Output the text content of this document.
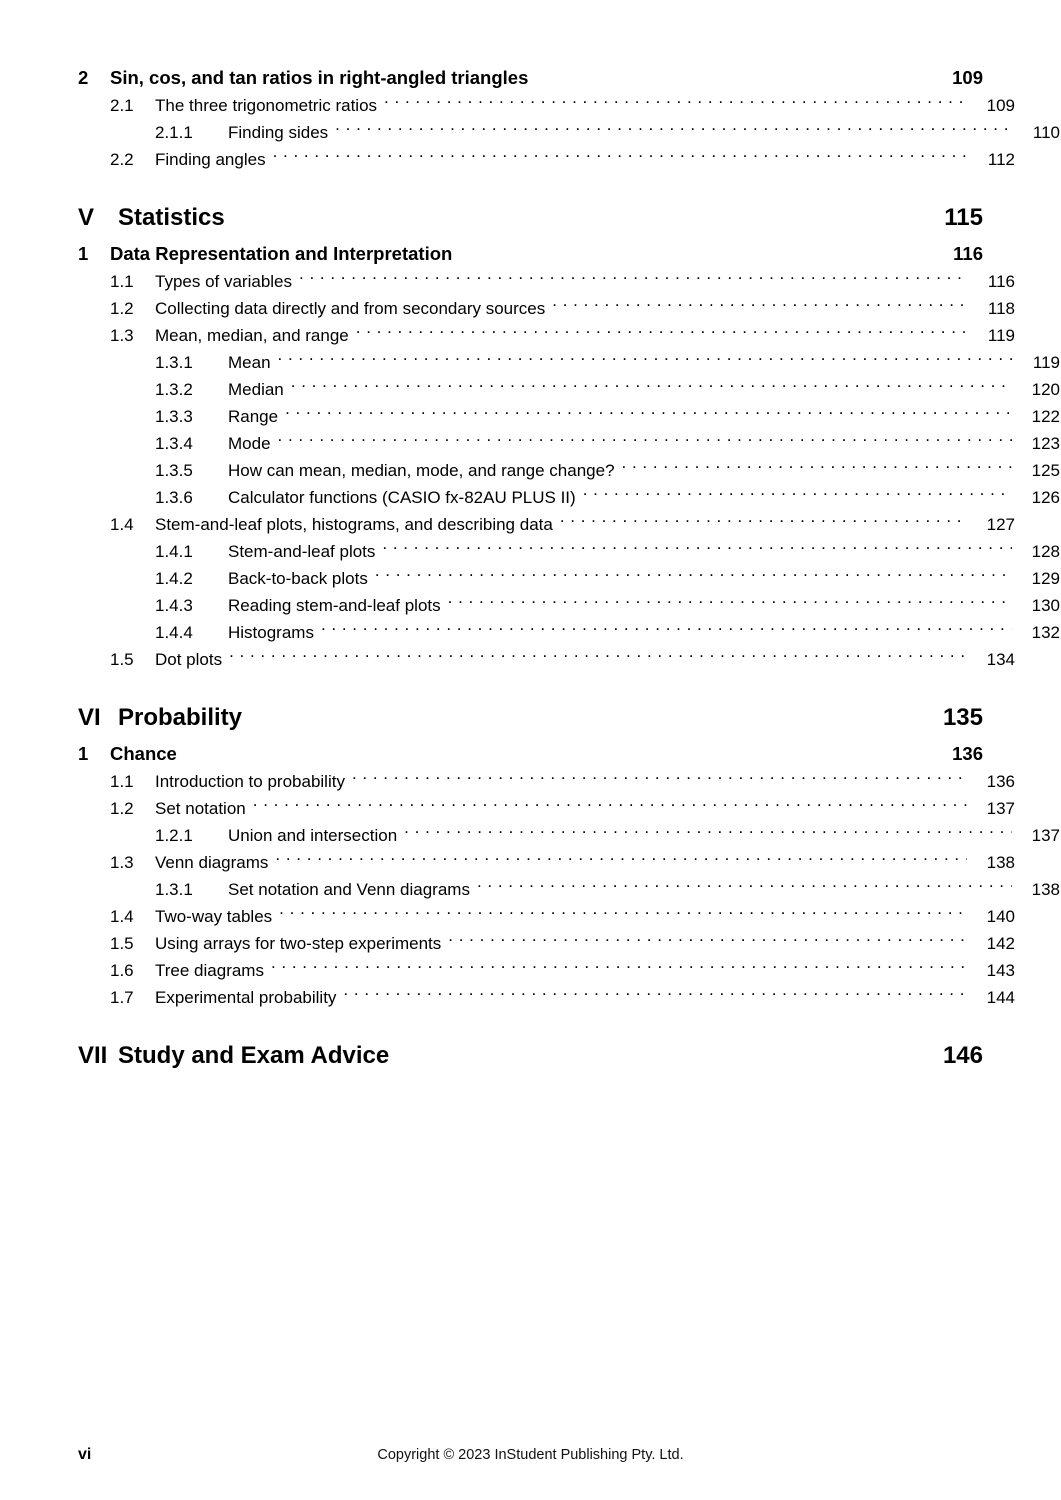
2	Sin, cos, and tan ratios in right-angled triangles	109
2.1	The three trigonometric ratios . . .	109
2.1.1	Finding sides . . .	110
2.2	Finding angles . . .	112
V Statistics	115
1	Data Representation and Interpretation	116
1.1	Types of variables . . .	116
1.2	Collecting data directly and from secondary sources . . .	118
1.3	Mean, median, and range . . .	119
1.3.1	Mean . . .	119
1.3.2	Median . . .	120
1.3.3	Range . . .	122
1.3.4	Mode . . .	123
1.3.5	How can mean, median, mode, and range change? . . .	125
1.3.6	Calculator functions (CASIO fx-82AU PLUS II) . . .	126
1.4	Stem-and-leaf plots, histograms, and describing data . . .	127
1.4.1	Stem-and-leaf plots . . .	128
1.4.2	Back-to-back plots . . .	129
1.4.3	Reading stem-and-leaf plots . . .	130
1.4.4	Histograms . . .	132
1.5	Dot plots . . .	134
VI Probability	135
1	Chance	136
1.1	Introduction to probability . . .	136
1.2	Set notation . . .	137
1.2.1	Union and intersection . . .	137
1.3	Venn diagrams . . .	138
1.3.1	Set notation and Venn diagrams . . .	138
1.4	Two-way tables . . .	140
1.5	Using arrays for two-step experiments . . .	142
1.6	Tree diagrams . . .	143
1.7	Experimental probability . . .	144
VII Study and Exam Advice	146
vi	Copyright © 2023 InStudent Publishing Pty. Ltd.
